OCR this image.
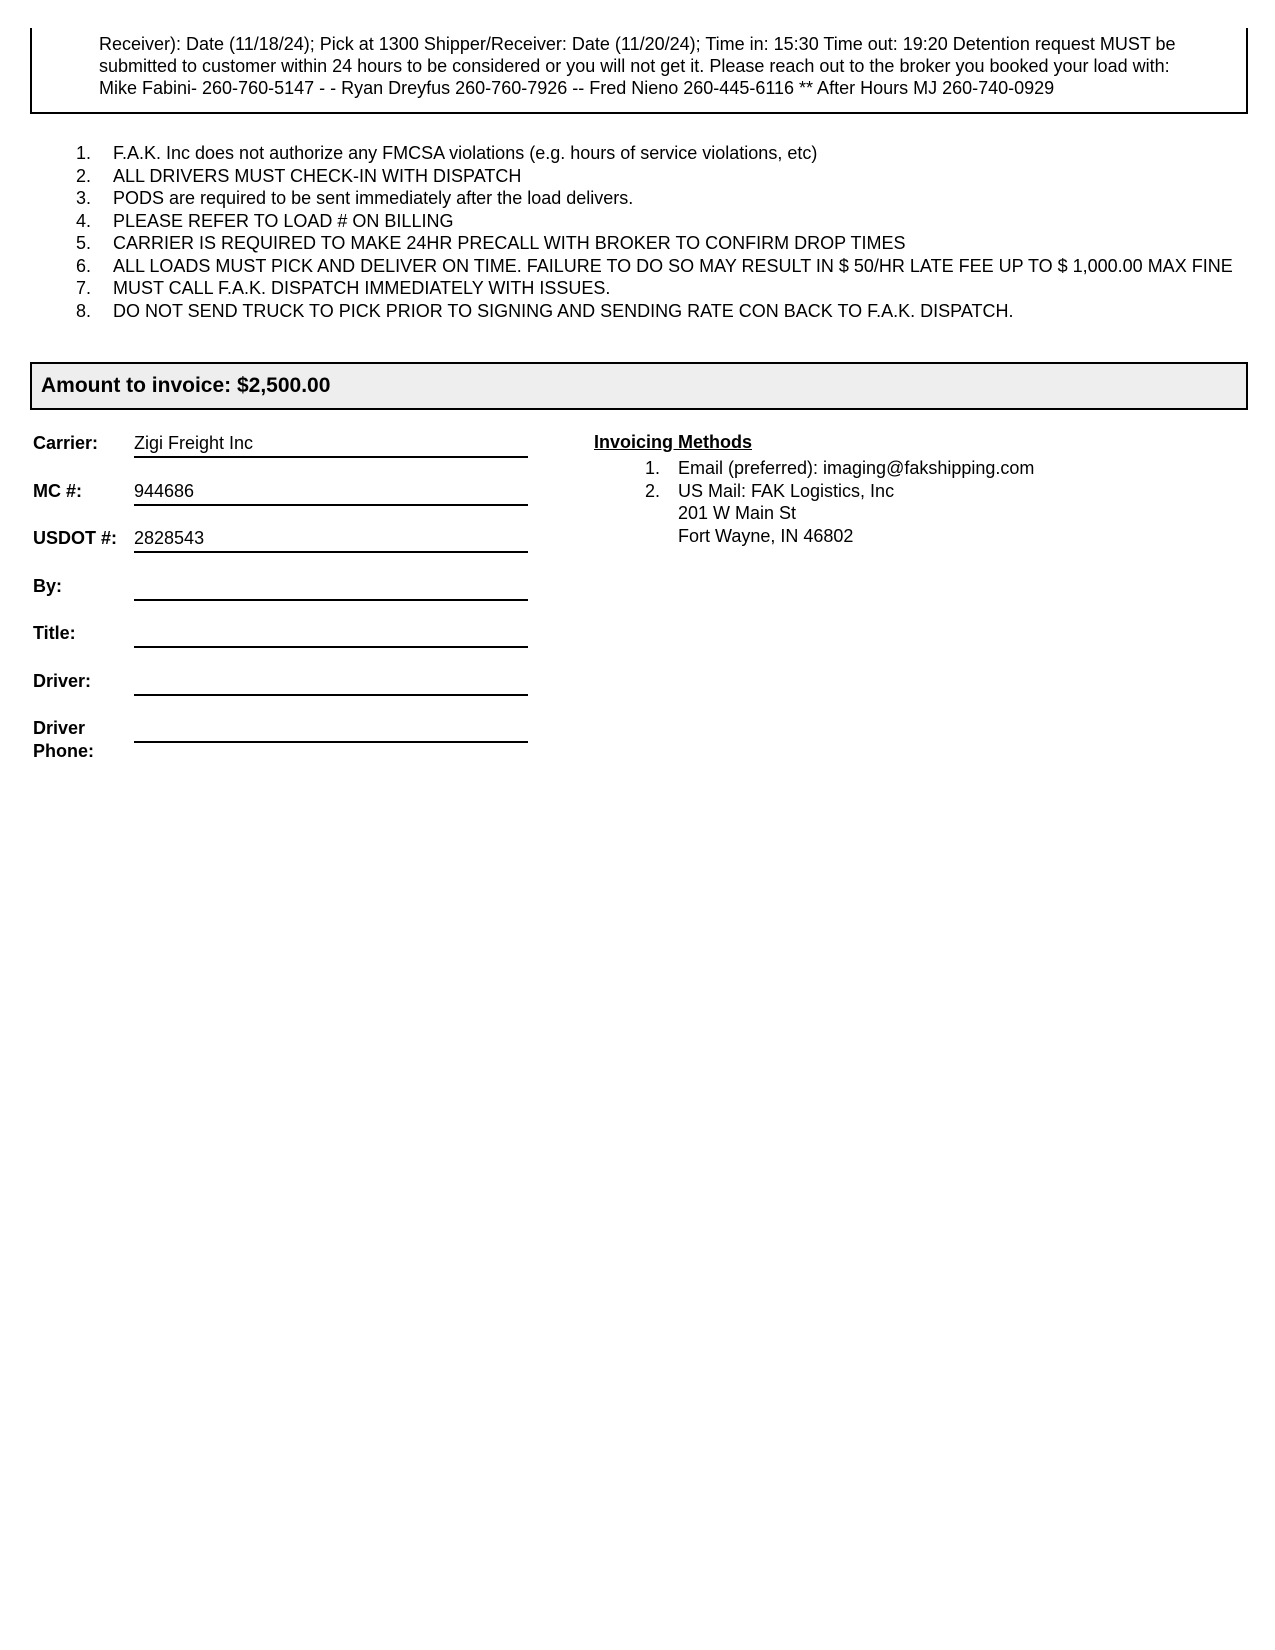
Receiver): Date (11/18/24); Pick at 1300 Shipper/Receiver: Date (11/20/24); Time in: 15:30 Time out: 19:20 Detention request MUST be
submitted to customer within 24 hours to be considered or you will not get it. Please reach out to the broker you booked your load with:
Mike Fabini- 260-760-5147 - - Ryan Dreyfus 260-760-7926 -- Fred Nieno 260-445-6116 ** After Hours MJ 260-740-0929
1.	F.A.K. Inc does not authorize any FMCSA violations (e.g. hours of service violations, etc)
2.	ALL DRIVERS MUST CHECK-IN WITH DISPATCH
3.	PODS are required to be sent immediately after the load delivers.
4.	PLEASE REFER TO LOAD # ON BILLING
5.	CARRIER IS REQUIRED TO MAKE 24HR PRECALL WITH BROKER TO CONFIRM DROP TIMES
6.	ALL LOADS MUST PICK AND DELIVER ON TIME. FAILURE TO DO SO MAY RESULT IN $ 50/HR LATE FEE UP TO $ 1,000.00 MAX FINE
7.	MUST CALL F.A.K. DISPATCH IMMEDIATELY WITH ISSUES.
8.	DO NOT SEND TRUCK TO PICK PRIOR TO SIGNING AND SENDING RATE CON BACK TO F.A.K. DISPATCH.
Amount to invoice: $2,500.00
Carrier:	Zigi Freight Inc
MC #:	944686
USDOT #: 2828543
By:
Title:
Driver:
Driver
Phone:
Invoicing Methods
1. Email (preferred): imaging@fakshipping.com
2. US Mail: FAK Logistics, Inc
201 W Main St
Fort Wayne, IN 46802
